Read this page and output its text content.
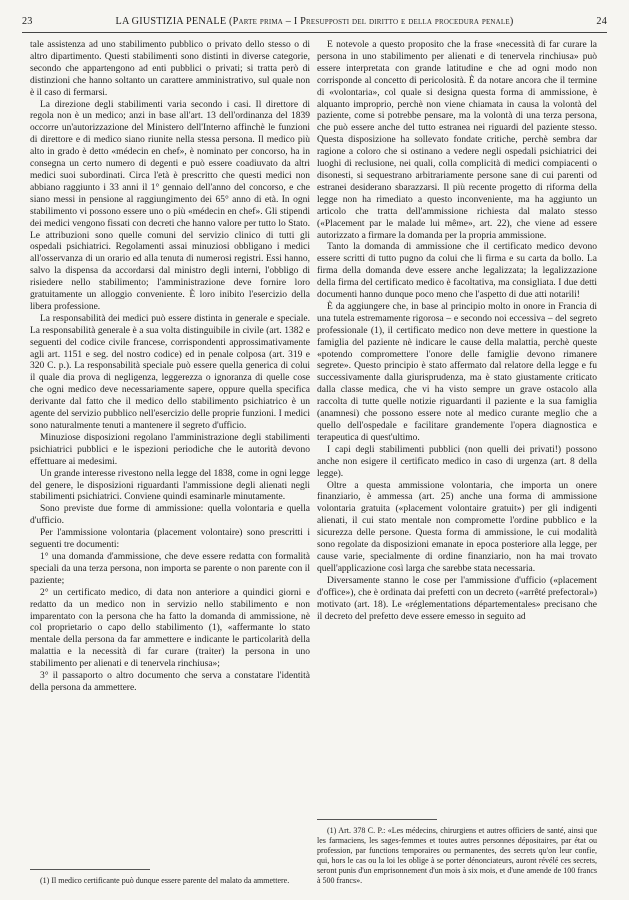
23	LA GIUSTIZIA PENALE (Parte prima – I Presupposti del diritto e della procedura penale)	24

tale assistenza ad uno stabilimento pubblico o privato dello stesso o di altro dipartimento. Questi stabilimenti sono distinti in diverse categorie, secondo che appartengono ad enti pubblici o privati; si tratta però di distinzioni che hanno soltanto un carattere amministrativo, sul quale non è il caso di fermarsi.

La direzione degli stabilimenti varia secondo i casi. Il direttore di regola non è un medico; anzi in base all'art. 13 dell'ordinanza del 1839 occorre un'autorizzazione del Ministero dell'Interno affinchè le funzioni di direttore e di medico siano riunite nella stessa persona. Il medico più alto in grado è detto «médecin en chef», è nominato per concorso, ha in consegna un certo numero di degenti e può essere coadiuvato da altri medici suoi subordinati. Circa l'età è prescritto che questi medici non abbiano raggiunto i 33 anni il 1° gennaio dell'anno del concorso, e che siano messi in pensione al raggiungimento dei 65° anno di età. In ogni stabilimento vi possono essere uno o più «médecin en chef». Gli stipendi dei medici vengono fissati con decreti che hanno valore per tutto lo Stato. Le attribuzioni sono quelle comuni del servizio clinico di tutti gli ospedali psichiatrici. Regolamenti assai minuziosi obbligano i medici all'osservanza di un orario ed alla tenuta di numerosi registri. Essi hanno, salvo la dispensa da accordarsi dal ministro degli interni, l'obbligo di risiedere nello stabilimento; l'amministrazione deve fornire loro gratuitamente un alloggio conveniente. È loro inibito l'esercizio della libera professione.

La responsabilità dei medici può essere distinta in generale e speciale. La responsabilità generale è a sua volta distinguibile in civile (art. 1382 e seguenti del codice civile francese, corrispondenti approssimativamente agli art. 1151 e seg. del nostro codice) ed in penale colposa (art. 319 e 320 C. p.). La responsabilità speciale può essere quella generica di colui il quale dia prova di negligenza, leggerezza o ignoranza di quelle cose che ogni medico deve necessariamente sapere, oppure quella specifica derivante dal fatto che il medico dello stabilimento psichiatrico è un agente del servizio pubblico nell'esercizio delle proprie funzioni. I medici sono naturalmente tenuti a mantenere il segreto d'ufficio.

Minuziose disposizioni regolano l'amministrazione degli stabilimenti psichiatrici pubblici e le ispezioni periodiche che le autorità devono effettuare ai medesimi.

Un grande interesse rivestono nella legge del 1838, come in ogni legge del genere, le disposizioni riguardanti l'ammissione degli alienati negli stabilimenti psichiatrici. Conviene quindi esaminarle minutamente.

Sono previste due forme di ammissione: quella volontaria e quella d'ufficio.

Per l'ammissione volontaria (placement volontaire) sono prescritti i seguenti tre documenti:

1° una domanda d'ammissione, che deve essere redatta con formalità speciali da una terza persona, non importa se parente o non parente con il paziente;

2° un certificato medico, di data non anteriore a quindici giorni e redatto da un medico non in servizio nello stabilimento e non imparentato con la persona che ha fatto la domanda di ammissione, nè col proprietario o capo dello stabilimento (1), «affermante lo stato mentale della persona da far ammettere e indicante le particolarità della malattia e la necessità di far curare (traiter) la persona in uno stabilimento per alienati e di tenervela rinchiusa»;

3° il passaporto o altro documento che serva a constatare l'identità della persona da ammettere.

(1) Il medico certificante può dunque essere parente del malato da ammettere.

È notevole a questo proposito che la frase «necessità di far curare la persona in uno stabilimento per alienati e di tenervela rinchiusa» può essere interpretata con grande latitudine e che ad ogni modo non corrisponde al concetto di pericolosità. È da notare ancora che il termine di «volontaria», col quale si designa questa forma di ammissione, è alquanto improprio, perchè non viene chiamata in causa la volontà del paziente, come si potrebbe pensare, ma la volontà di una terza persona, che può essere anche del tutto estranea nei riguardi del paziente stesso. Questa disposizione ha sollevato fondate critiche, perchè sembra dar ragione a coloro che si ostinano a vedere negli ospedali psichiatrici dei luoghi di reclusione, nei quali, colla complicità di medici compiacenti o disonesti, si sequestrano arbitrariamente persone sane di cui parenti od estranei desiderano sbarazzarsi. Il più recente progetto di riforma della legge non ha rimediato a questo inconveniente, ma ha aggiunto un articolo che tratta dell'ammissione richiesta dal malato stesso («Placement par le malade lui même», art. 22), che viene ad essere autorizzato a firmare la domanda per la propria ammissione.

Tanto la domanda di ammissione che il certificato medico devono essere scritti di tutto pugno da colui che li firma e su carta da bollo. La firma della domanda deve essere anche legalizzata; la legalizzazione della firma del certificato medico è facoltativa, ma consigliata. I due detti documenti hanno dunque poco meno che l'aspetto di due atti notarili!

È da aggiungere che, in base al principio molto in onore in Francia di una tutela estremamente rigorosa – e secondo noi eccessiva – del segreto professionale (1), il certificato medico non deve mettere in questione la famiglia del paziente nè indicare le cause della malattia, perchè queste «potendo compromettere l'onore delle famiglie devono rimanere segrete». Questo principio è stato affermato dal relatore della legge e fu successivamente dalla giurisprudenza, ma è stato giustamente criticato dalla classe medica, che vi ha visto sempre un grave ostacolo alla raccolta di tutte quelle notizie riguardanti il paziente e la sua famiglia (anamnesi) che possono essere note al medico curante meglio che a quello dell'ospedale e facilitare grandemente l'opera diagnostica e terapeutica di quest'ultimo.

I capi degli stabilimenti pubblici (non quelli dei privati!) possono anche non esigere il certificato medico in caso di urgenza (art. 8 della legge).

Oltre a questa ammissione volontaria, che importa un onere finanziario, è ammessa (art. 25) anche una forma di ammissione volontaria gratuita («placement volontaire gratuit») per gli indigenti alienati, il cui stato mentale non compromette l'ordine pubblico e la sicurezza delle persone. Questa forma di ammissione, le cui modalità sono regolate da disposizioni emanate in epoca posteriore alla legge, per cause varie, specialmente di ordine finanziario, non ha mai trovato quell'applicazione così larga che sarebbe stata necessaria.

Diversamente stanno le cose per l'ammissione d'ufficio («placement d'office»), che è ordinata dai prefetti con un decreto («arrêté prefectoral») motivato (art. 18). Le «réglementations départementales» precisano che il decreto del prefetto deve essere emesso in seguito ad

(1) Art. 378 C. P.: «Les médecins, chirurgiens et autres officiers de santé, ainsi que les farmaciens, les sages-femmes et toutes autres personnes dépositaires, par état ou profession, par functions temporaires ou permanentes, des secrets qu'on leur confie, qui, hors le cas ou la loi les oblige à se porter dénonciateurs, auront révélé ces secrets, seront punis d'un emprisonnement d'un mois à six mois, et d'une amende de 100 francs à 500 francs».
